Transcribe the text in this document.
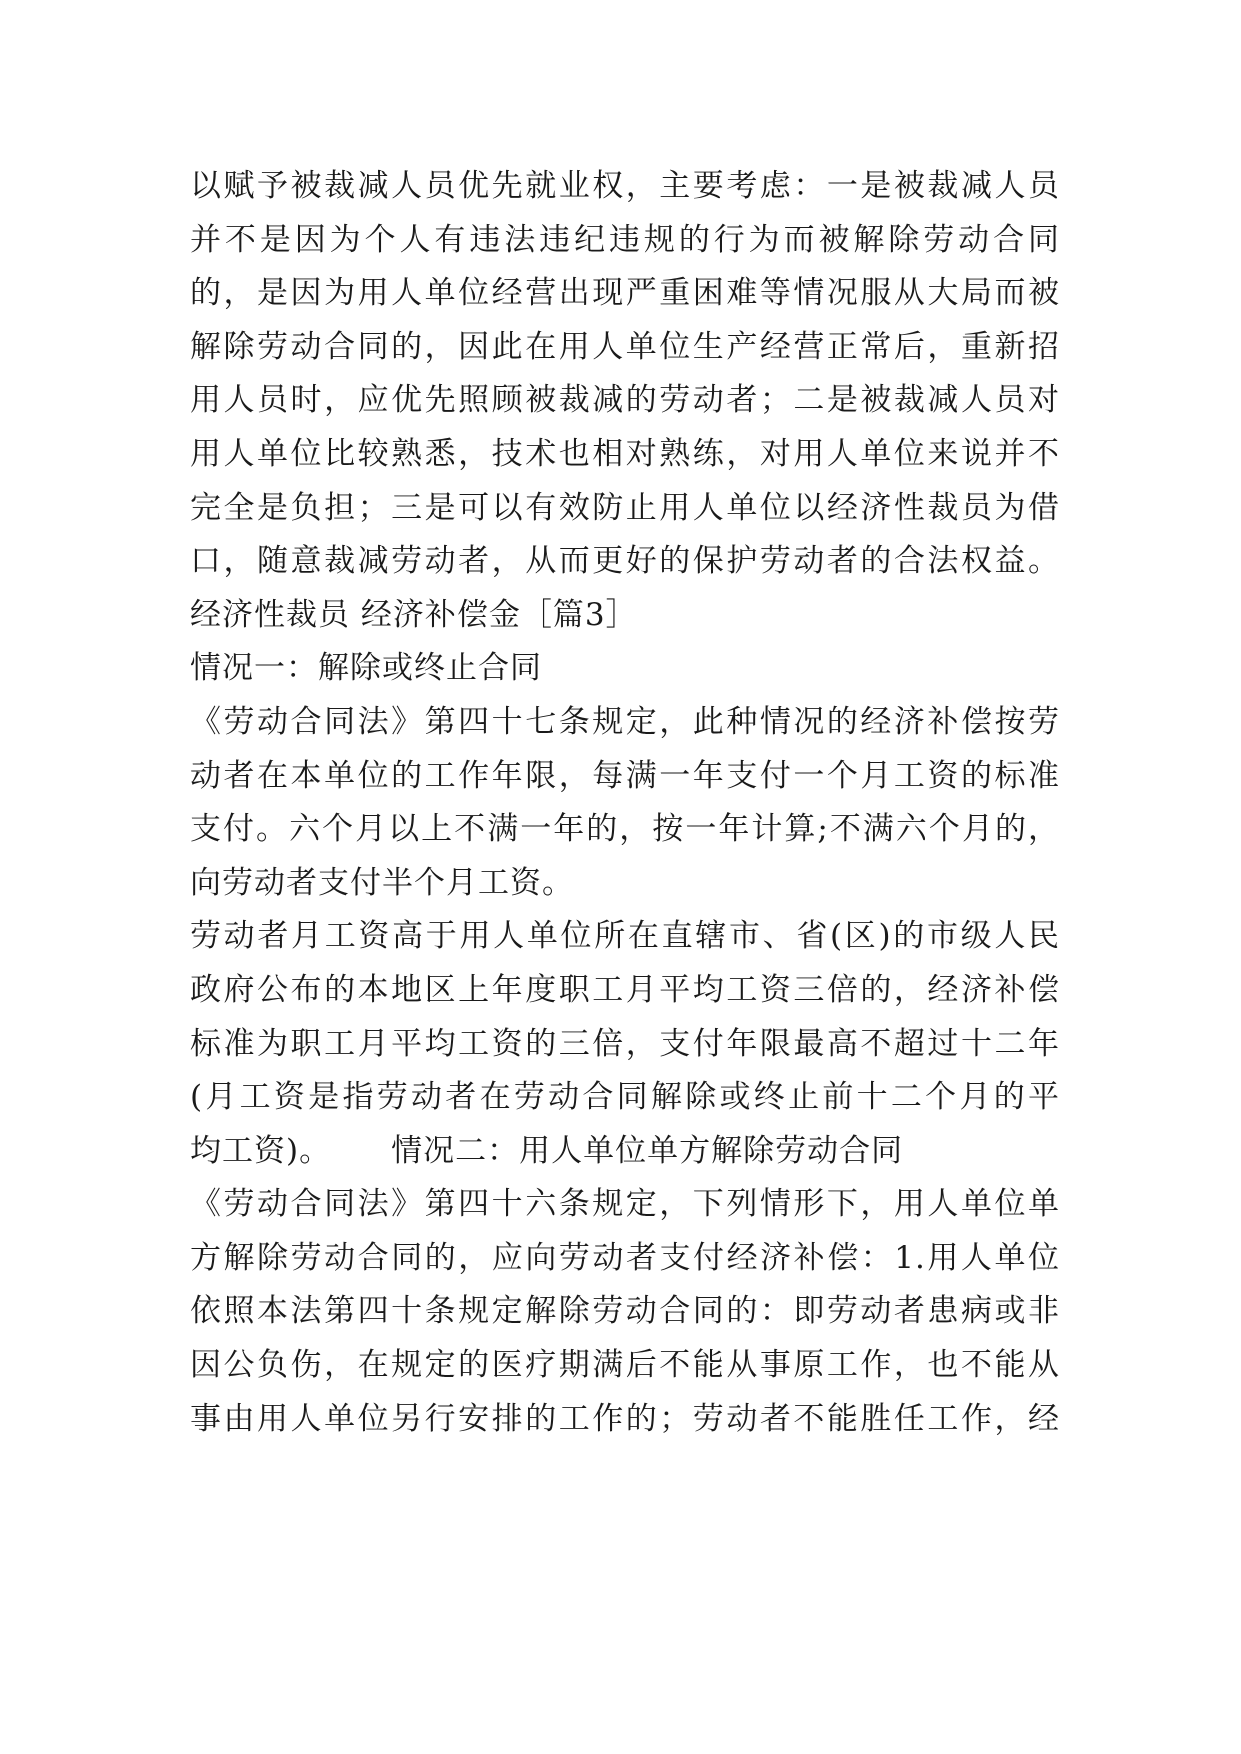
以赋予被裁减人员优先就业权，主要考虑：一是被裁减人员
并不是因为个人有违法违纪违规的行为而被解除劳动合同
的，是因为用人单位经营出现严重困难等情况服从大局而被
解除劳动合同的，因此在用人单位生产经营正常后，重新招
用人员时，应优先照顾被裁减的劳动者；二是被裁减人员对
用人单位比较熟悉，技术也相对熟练，对用人单位来说并不
完全是负担；三是可以有效防止用人单位以经济性裁员为借
口，随意裁减劳动者，从而更好的保护劳动者的合法权益。
经济性裁员 经济补偿金［篇3］
情况一：解除或终止合同
《劳动合同法》第四十七条规定，此种情况的经济补偿按劳
动者在本单位的工作年限，每满一年支付一个月工资的标准
支付。六个月以上不满一年的，按一年计算;不满六个月的，
向劳动者支付半个月工资。
劳动者月工资高于用人单位所在直辖市、省(区)的市级人民
政府公布的本地区上年度职工月平均工资三倍的，经济补偿
标准为职工月平均工资的三倍，支付年限最高不超过十二年
(月工资是指劳动者在劳动合同解除或终止前十二个月的平
均工资)。 情况二：用人单位单方解除劳动合同
《劳动合同法》第四十六条规定，下列情形下，用人单位单
方解除劳动合同的，应向劳动者支付经济补偿：1.用人单位
依照本法第四十条规定解除劳动合同的：即劳动者患病或非
因公负伤，在规定的医疗期满后不能从事原工作，也不能从
事由用人单位另行安排的工作的；劳动者不能胜任工作，经
